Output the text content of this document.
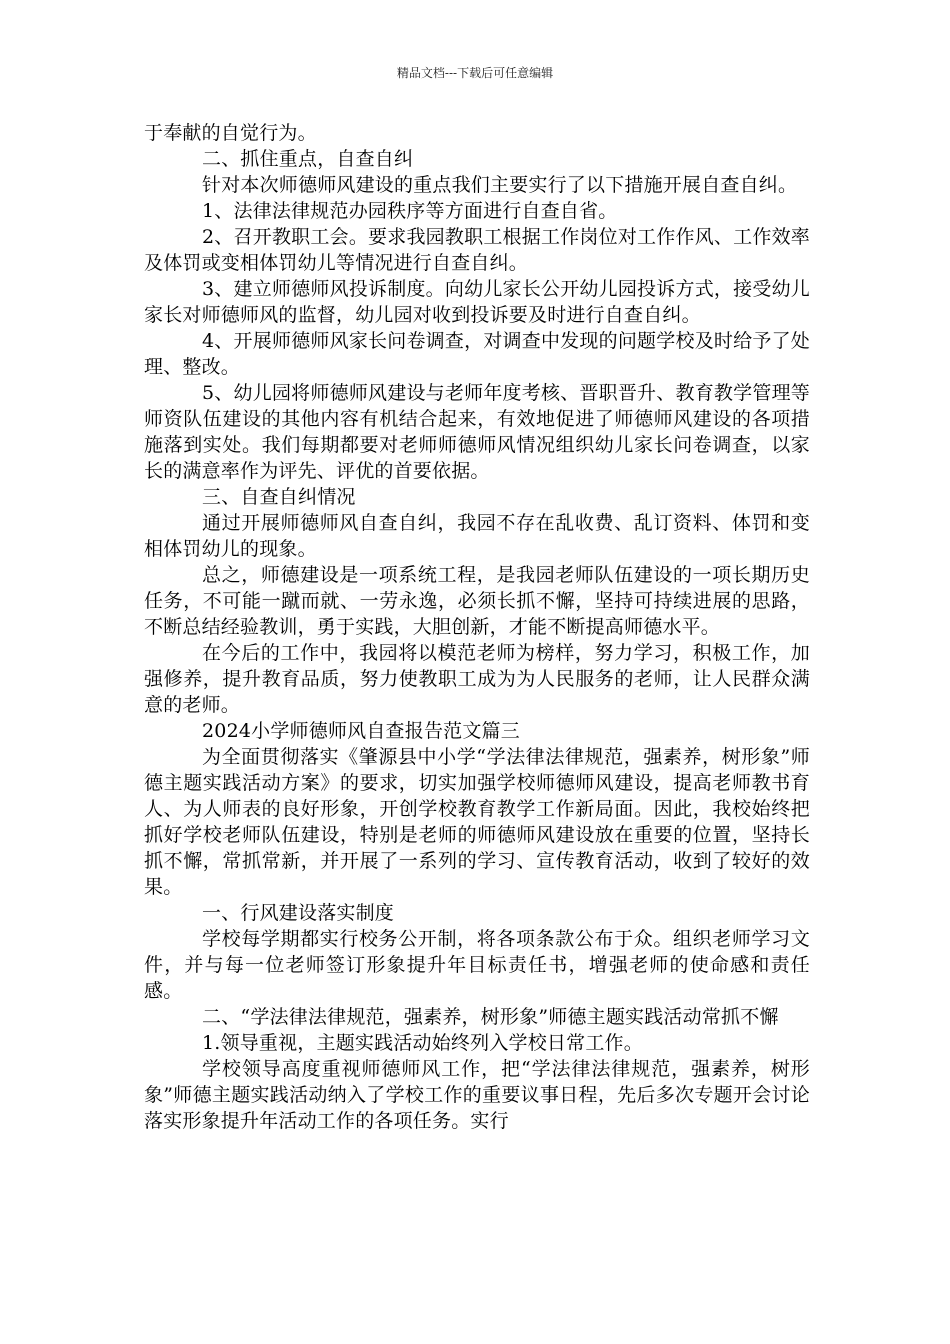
精品文档---下载后可任意编辑

于奉献的自觉行为。

二、抓住重点，自查自纠

针对本次师德师风建设的重点我们主要实行了以下措施开展自查自纠。

1、法律法律规范办园秩序等方面进行自查自省。

2、召开教职工会。要求我园教职工根据工作岗位对工作作风、工作效率及体罚或变相体罚幼儿等情况进行自查自纠。

3、建立师德师风投诉制度。向幼儿家长公开幼儿园投诉方式，接受幼儿家长对师德师风的监督，幼儿园对收到投诉要及时进行自查自纠。

4、开展师德师风家长问卷调查，对调查中发现的问题学校及时给予了处理、整改。

5、幼儿园将师德师风建设与老师年度考核、晋职晋升、教育教学管理等师资队伍建设的其他内容有机结合起来，有效地促进了师德师风建设的各项措施落到实处。我们每期都要对老师师德师风情况组织幼儿家长问卷调查，以家长的满意率作为评先、评优的首要依据。

三、自查自纠情况

通过开展师德师风自查自纠，我园不存在乱收费、乱订资料、体罚和变相体罚幼儿的现象。

总之，师德建设是一项系统工程，是我园老师队伍建设的一项长期历史任务，不可能一蹴而就、一劳永逸，必须长抓不懈，坚持可持续进展的思路，不断总结经验教训，勇于实践，大胆创新，才能不断提高师德水平。

在今后的工作中，我园将以模范老师为榜样，努力学习，积极工作，加强修养，提升教育品质，努力使教职工成为为人民服务的老师，让人民群众满意的老师。

2024小学师德师风自查报告范文篇三

为全面贯彻落实《肇源县中小学“学法律法律规范，强素养，树形象”师德主题实践活动方案》的要求，切实加强学校师德师风建设，提高老师教书育人、为人师表的良好形象，开创学校教育教学工作新局面。因此，我校始终把抓好学校老师队伍建设，特别是老师的师德师风建设放在重要的位置，坚持长抓不懈，常抓常新，并开展了一系列的学习、宣传教育活动，收到了较好的效果。

一、行风建设落实制度

学校每学期都实行校务公开制，将各项条款公布于众。组织老师学习文件，并与每一位老师签订形象提升年目标责任书，增强老师的使命感和责任感。

二、“学法律法律规范，强素养，树形象”师德主题实践活动常抓不懈

1.领导重视，主题实践活动始终列入学校日常工作。

学校领导高度重视师德师风工作，把“学法律法律规范，强素养，树形象”师德主题实践活动纳入了学校工作的重要议事日程，先后多次专题开会讨论落实形象提升年活动工作的各项任务。实行
